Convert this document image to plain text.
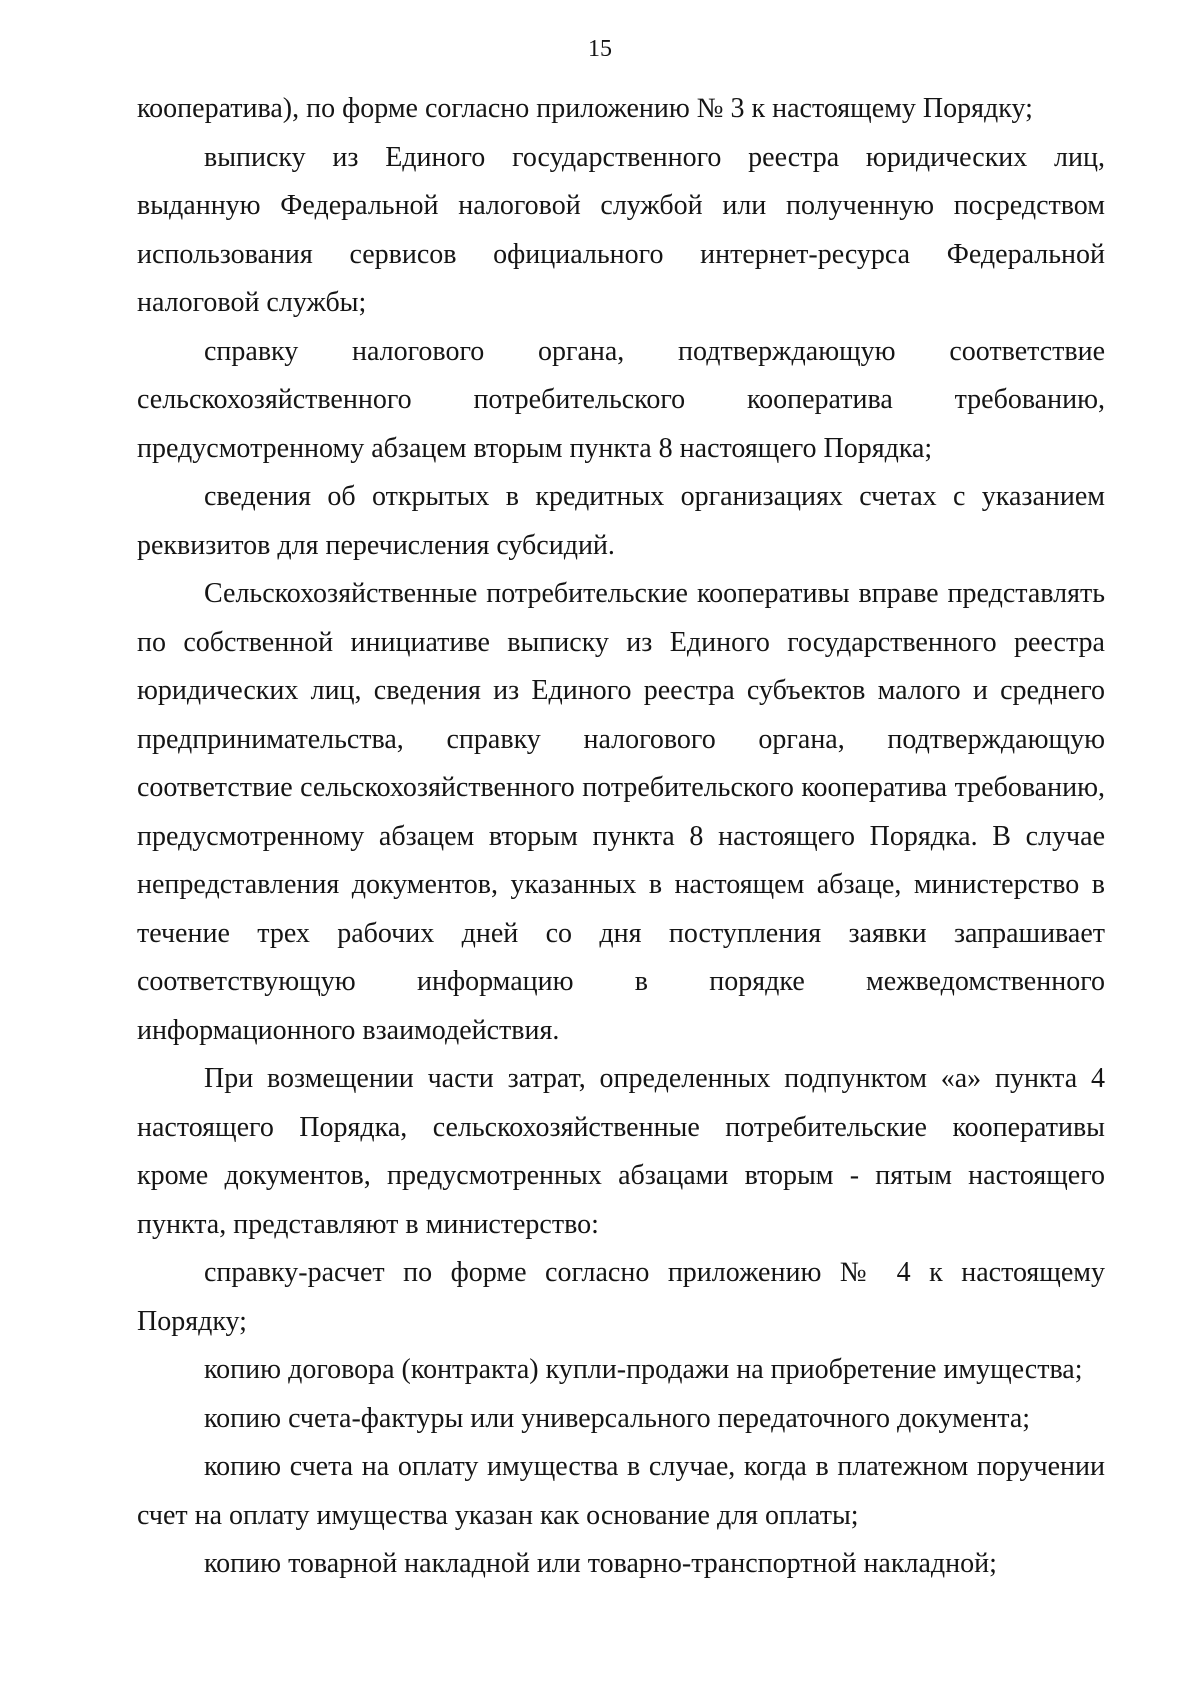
15

кооператива), по форме согласно приложению № 3 к настоящему Порядку;

выписку из Единого государственного реестра юридических лиц, выданную Федеральной налоговой службой или полученную посредством использования сервисов официального интернет-ресурса Федеральной налоговой службы;

справку налогового органа, подтверждающую соответствие сельскохозяйственного потребительского кооператива требованию, предусмотренному абзацем вторым пункта 8 настоящего Порядка;

сведения об открытых в кредитных организациях счетах с указанием реквизитов для перечисления субсидий.

Сельскохозяйственные потребительские кооперативы вправе представлять по собственной инициативе выписку из Единого государственного реестра юридических лиц, сведения из Единого реестра субъектов малого и среднего предпринимательства, справку налогового органа, подтверждающую соответствие сельскохозяйственного потребительского кооператива требованию, предусмотренному абзацем вторым пункта 8 настоящего Порядка. В случае непредставления документов, указанных в настоящем абзаце, министерство в течение трех рабочих дней со дня поступления заявки запрашивает соответствующую информацию в порядке межведомственного информационного взаимодействия.

При возмещении части затрат, определенных подпунктом «а» пункта 4 настоящего Порядка, сельскохозяйственные потребительские кооперативы кроме документов, предусмотренных абзацами вторым - пятым настоящего пункта, представляют в министерство:

справку-расчет по форме согласно приложению № 4 к настоящему Порядку;

копию договора (контракта) купли-продажи на приобретение имущества;

копию счета-фактуры или универсального передаточного документа;

копию счета на оплату имущества в случае, когда в платежном поручении счет на оплату имущества указан как основание для оплаты;

копию товарной накладной или товарно-транспортной накладной;
